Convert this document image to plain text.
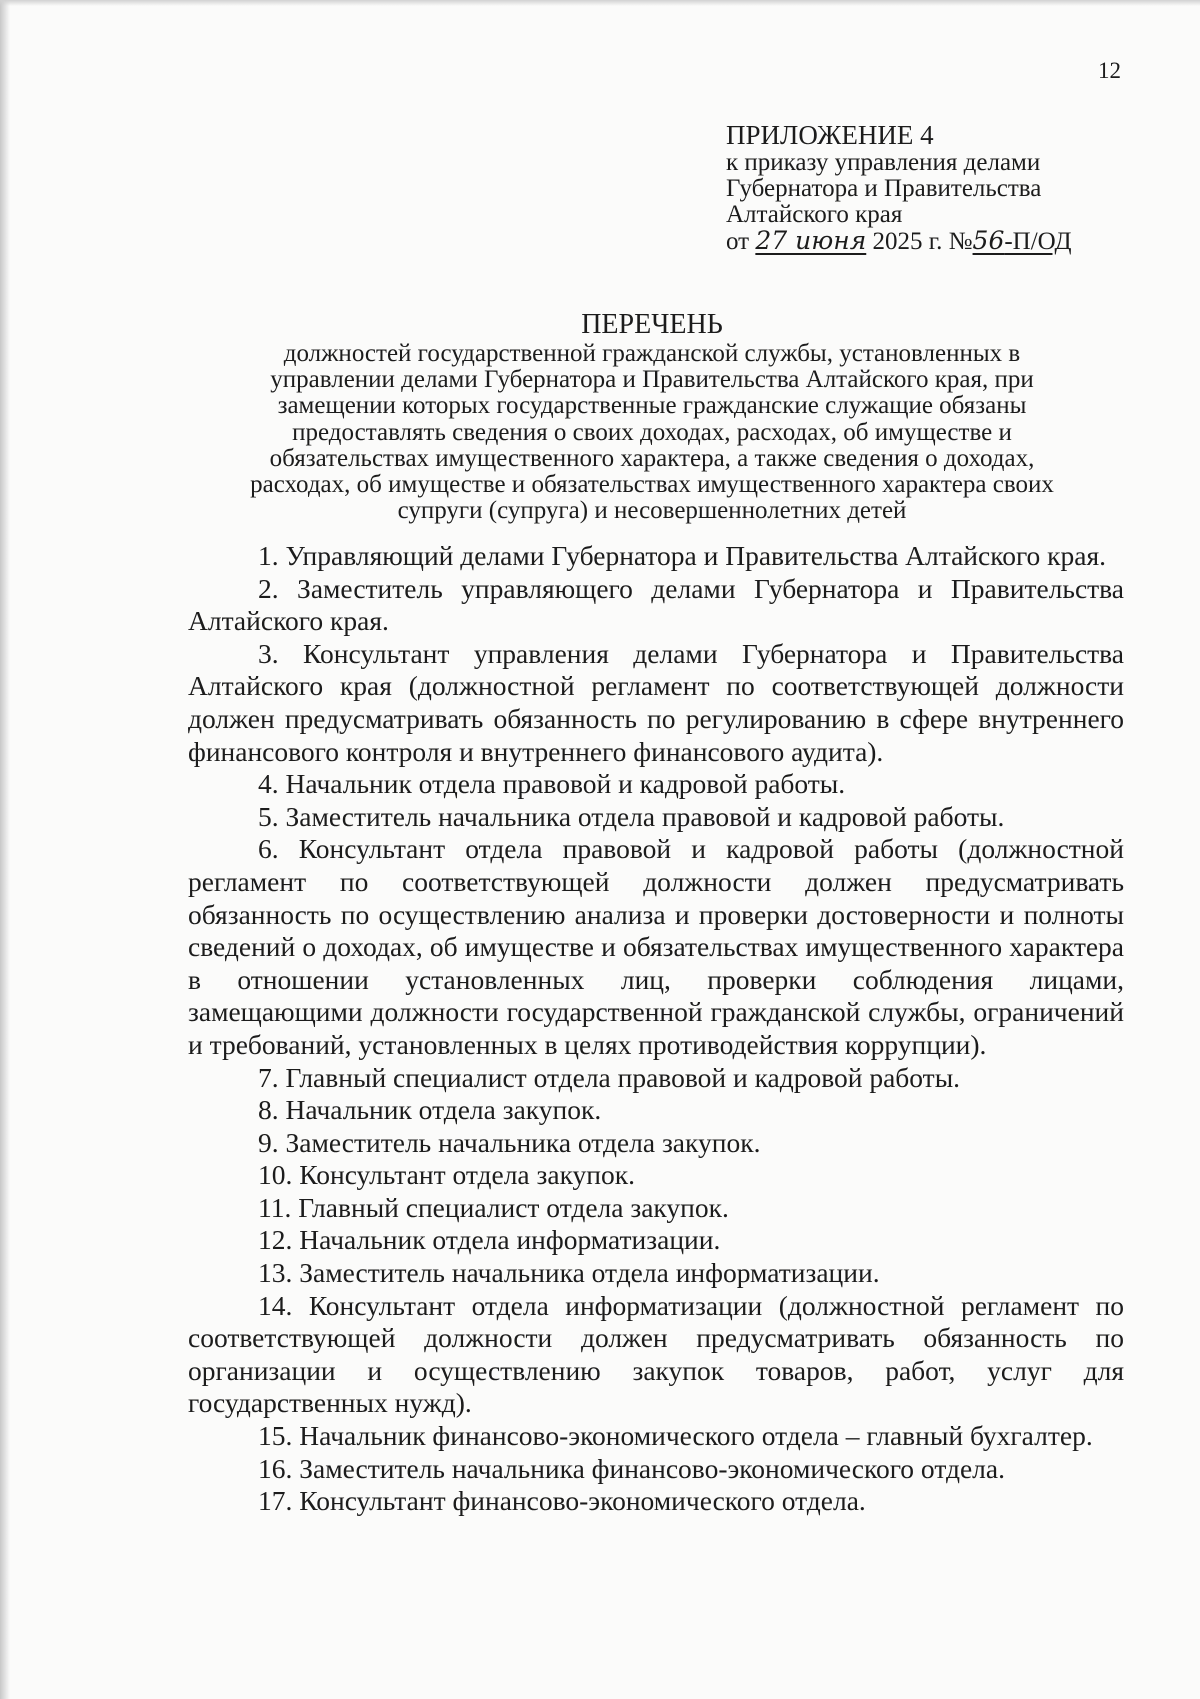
12
ПРИЛОЖЕНИЕ 4
к приказу управления делами
Губернатора и Правительства
Алтайского края
от 27 июня 2025 г. №56-П/ОД
ПЕРЕЧЕНЬ
должностей государственной гражданской службы, установленных в
управлении делами Губернатора и Правительства Алтайского края, при
замещении которых государственные гражданские служащие обязаны
предоставлять сведения о своих доходах, расходах, об имуществе и
обязательствах имущественного характера, а также сведения о доходах,
расходах, об имуществе и обязательствах имущественного характера своих
супруги (супруга) и несовершеннолетних детей

1. Управляющий делами Губернатора и Правительства Алтайского края.

2. Заместитель управляющего делами Губернатора и Правительства Алтайского края.

3. Консультант управления делами Губернатора и Правительства Алтайского края (должностной регламент по соответствующей должности должен предусматривать обязанность по регулированию в сфере внутреннего финансового контроля и внутреннего финансового аудита).

4. Начальник отдела правовой и кадровой работы.

5. Заместитель начальника отдела правовой и кадровой работы.

6. Консультант отдела правовой и кадровой работы (должностной регламент по соответствующей должности должен предусматривать обязанность по осуществлению анализа и проверки достоверности и полноты сведений о доходах, об имуществе и обязательствах имущественного характера в отношении установленных лиц, проверки соблюдения лицами, замещающими должности государственной гражданской службы, ограничений и требований, установленных в целях противодействия коррупции).

7. Главный специалист отдела правовой и кадровой работы.

8. Начальник отдела закупок.

9. Заместитель начальника отдела закупок.

10. Консультант отдела закупок.

11. Главный специалист отдела закупок.

12. Начальник отдела информатизации.

13. Заместитель начальника отдела информатизации.

14. Консультант отдела информатизации (должностной регламент по соответствующей должности должен предусматривать обязанность по организации и осуществлению закупок товаров, работ, услуг для государственных нужд).

15. Начальник финансово-экономического отдела – главный бухгалтер.

16. Заместитель начальника финансово-экономического отдела.

17. Консультант финансово-экономического отдела.
